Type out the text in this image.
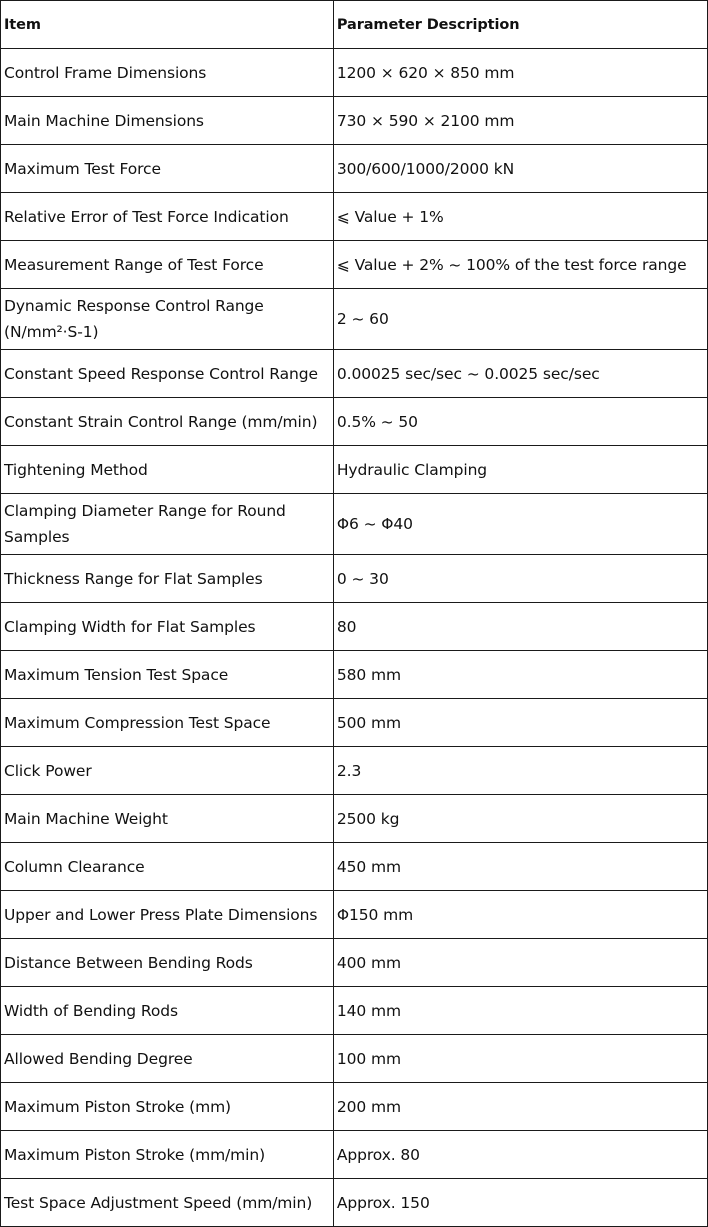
Item	Parameter Description
Control Frame Dimensions	1200 × 620 × 850 mm
Main Machine Dimensions	730 × 590 × 2100 mm
Maximum Test Force	300/600/1000/2000 kN
Relative Error of Test Force Indication	⩽ Value + 1%
Measurement Range of Test Force	⩽ Value + 2% ~ 100% of the test force range
Dynamic Response Control Range (N/mm²·S-1)	2 ~ 60
Constant Speed Response Control Range	0.00025 sec/sec ~ 0.0025 sec/sec
Constant Strain Control Range (mm/min)	0.5% ~ 50
Tightening Method	Hydraulic Clamping
Clamping Diameter Range for Round Samples	Φ6 ~ Φ40
Thickness Range for Flat Samples	0 ~ 30
Clamping Width for Flat Samples	80
Maximum Tension Test Space	580 mm
Maximum Compression Test Space	500 mm
Click Power	2.3
Main Machine Weight	2500 kg
Column Clearance	450 mm
Upper and Lower Press Plate Dimensions	Φ150 mm
Distance Between Bending Rods	400 mm
Width of Bending Rods	140 mm
Allowed Bending Degree	100 mm
Maximum Piston Stroke (mm)	200 mm
Maximum Piston Stroke (mm/min)	Approx. 80
Test Space Adjustment Speed (mm/min)	Approx. 150
